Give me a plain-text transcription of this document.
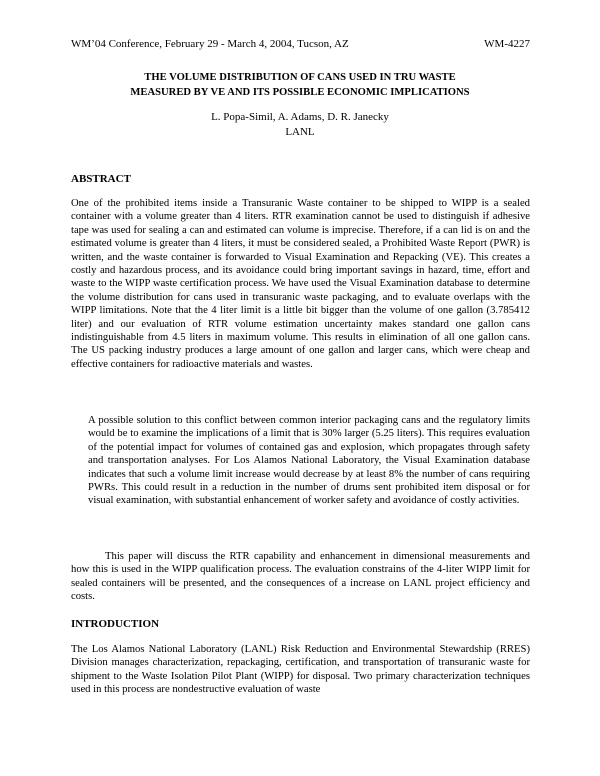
WM’04 Conference, February 29 - March 4, 2004, Tucson, AZ	WM-4227
THE VOLUME DISTRIBUTION OF CANS USED IN TRU WASTE
MEASURED BY VE AND ITS POSSIBLE ECONOMIC IMPLICATIONS
L. Popa-Simil, A. Adams, D. R. Janecky
LANL
ABSTRACT

One of the prohibited items inside a Transuranic Waste container to be shipped to WIPP is a sealed container with a volume greater than 4 liters. RTR examination cannot be used to distinguish if adhesive tape was used for sealing a can and estimated can volume is imprecise. Therefore, if a can lid is on and the estimated volume is greater than 4 liters, it must be considered sealed, a Prohibited Waste Report (PWR) is written, and the waste container is forwarded to Visual Examination and Repacking (VE). This creates a costly and hazardous process, and its avoidance could bring important savings in hazard, time, effort and waste to the WIPP waste certification process. We have used the Visual Examination database to determine the volume distribution for cans used in transuranic waste packaging, and to evaluate overlaps with the WIPP limitations. Note that the 4 liter limit is a little bit bigger than the volume of one gallon (3.785412 liter) and our evaluation of RTR volume estimation uncertainty makes standard one gallon cans indistinguishable from 4.5 liters in maximum volume. This results in elimination of all one gallon cans. The US packing industry produces a large amount of one gallon and larger cans, which were cheap and effective containers for radioactive materials and wastes.

A possible solution to this conflict between common interior packaging cans and the regulatory limits would be to examine the implications of a limit that is 30% larger (5.25 liters). This requires evaluation of the potential impact for volumes of contained gas and explosion, which propagates through safety and transportation analyses. For Los Alamos National Laboratory, the Visual Examination database indicates that such a volume limit increase would decrease by at least 8% the number of cans requiring PWRs. This could result in a reduction in the number of drums sent prohibited item disposal or for visual examination, with substantial enhancement of worker safety and avoidance of costly activities.

This paper will discuss the RTR capability and enhancement in dimensional measurements and how this is used in the WIPP qualification process. The evaluation constrains of the 4-liter WIPP limit for sealed containers will be presented, and the consequences of a increase on LANL project efficiency and costs.

INTRODUCTION

The Los Alamos National Laboratory (LANL) Risk Reduction and Environmental Stewardship (RRES) Division manages characterization, repackaging, certification, and transportation of transuranic waste for shipment to the Waste Isolation Pilot Plant (WIPP) for disposal. Two primary characterization techniques used in this process are nondestructive evaluation of waste
